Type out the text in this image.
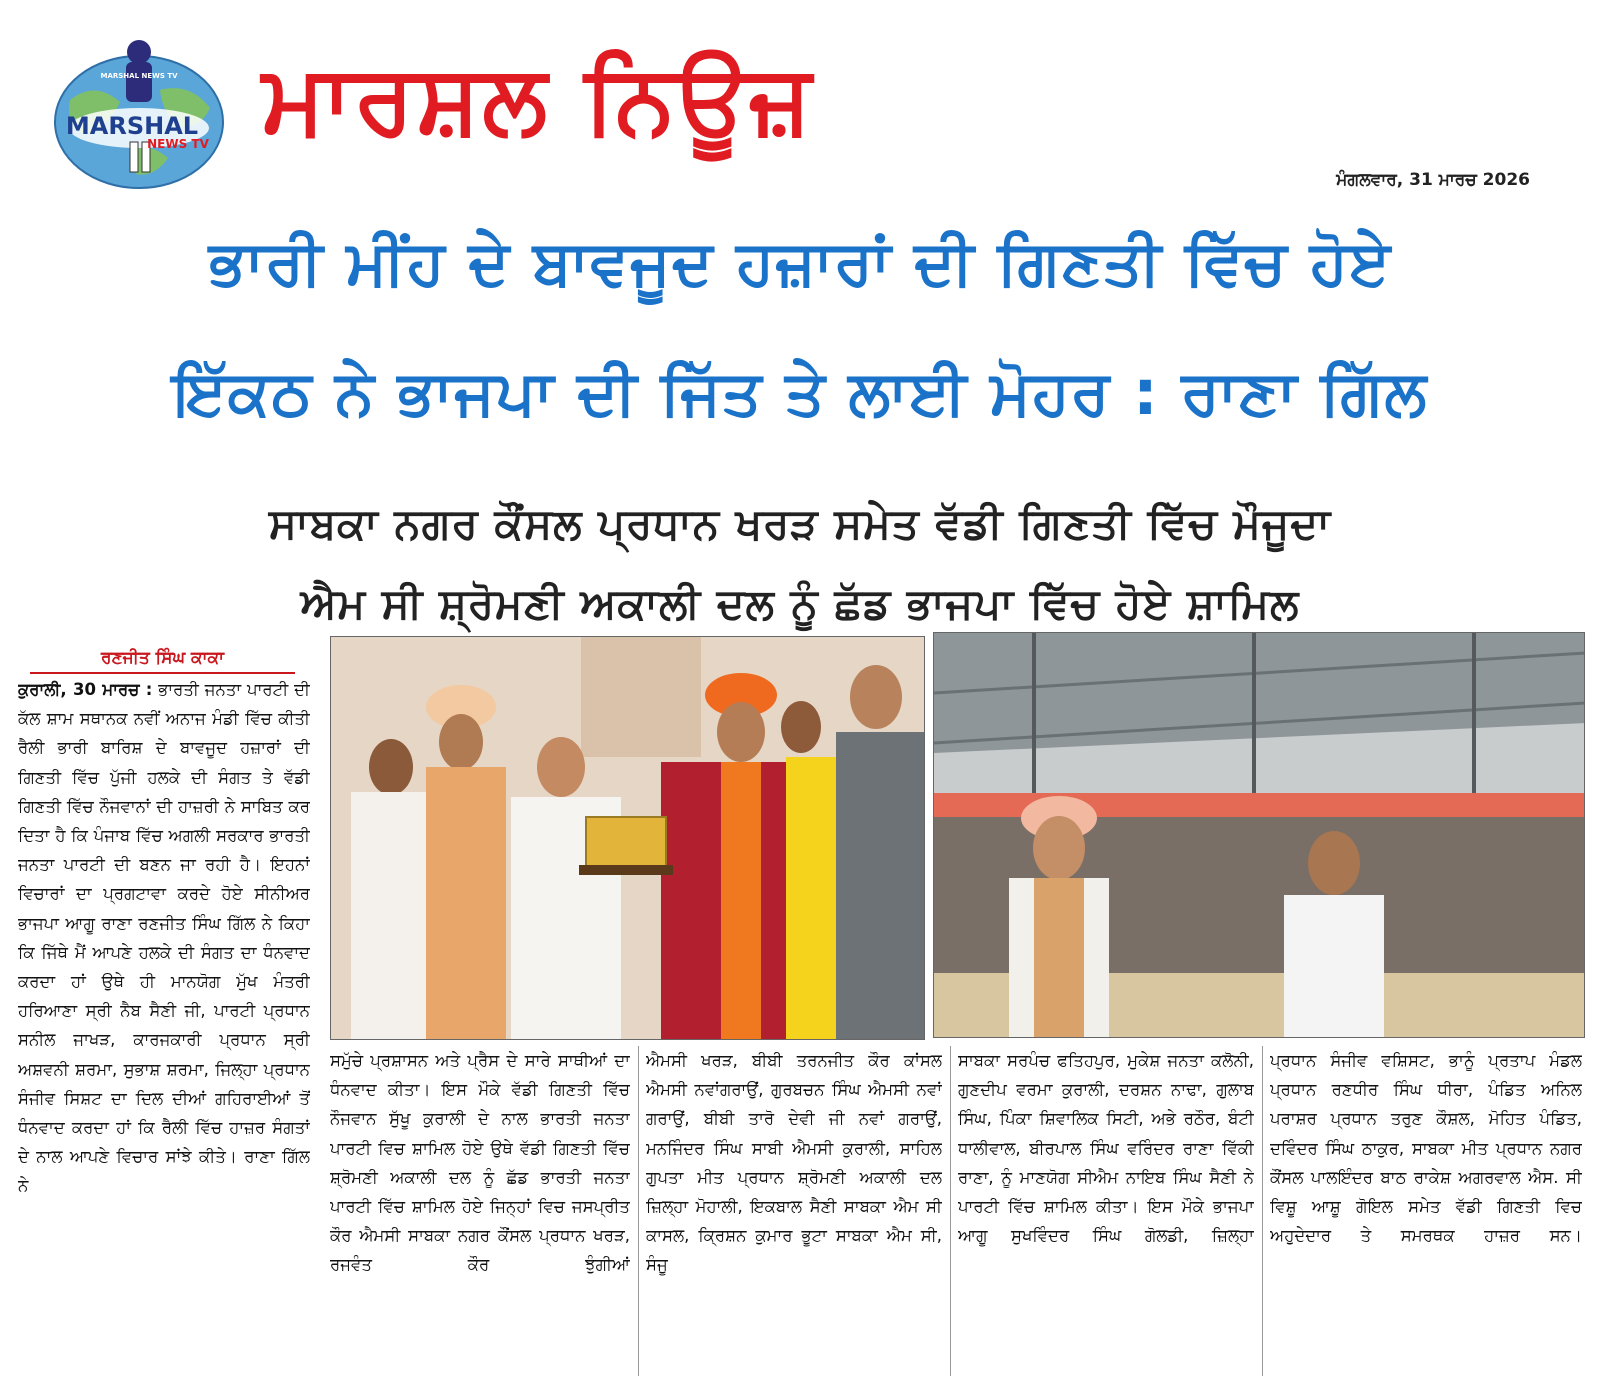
MARSHAL NEWS TV
MARSHAL
NEWS TV ਮਾਰਸ਼ਲ ਨਿਊਜ਼
ਮੰਗਲਵਾਰ, 31 ਮਾਰਚ 2026
ਭਾਰੀ ਮੀਂਹ ਦੇ ਬਾਵਜੂਦ ਹਜ਼ਾਰਾਂ ਦੀ ਗਿਣਤੀ ਵਿੱਚ ਹੋਏ
ਇੱਕਠ ਨੇ ਭਾਜਪਾ ਦੀ ਜਿੱਤ ਤੇ ਲਾਈ ਮੋਹਰ : ਰਾਣਾ ਗਿੱਲ
ਸਾਬਕਾ ਨਗਰ ਕੌਂਸਲ ਪ੍ਰਧਾਨ ਖਰੜ ਸਮੇਤ ਵੱਡੀ ਗਿਣਤੀ ਵਿੱਚ ਮੌਜੂਦਾ
ਐਮ ਸੀ ਸ਼੍ਰੋਮਣੀ ਅਕਾਲੀ ਦਲ ਨੂੰ ਛੱਡ ਭਾਜਪਾ ਵਿੱਚ ਹੋਏ ਸ਼ਾਮਿਲ
ਰਣਜੀਤ ਸਿੰਘ ਕਾਕਾ

ਕੁਰਾਲੀ, 30 ਮਾਰਚ : ਭਾਰਤੀ ਜਨਤਾ ਪਾਰਟੀ ਦੀ ਕੱਲ ਸ਼ਾਮ ਸਥਾਨਕ ਨਵੀਂ ਅਨਾਜ ਮੰਡੀ ਵਿੱਚ ਕੀਤੀ ਰੈਲੀ ਭਾਰੀ ਬਾਰਿਸ਼ ਦੇ ਬਾਵਜੂਦ ਹਜ਼ਾਰਾਂ ਦੀ ਗਿਣਤੀ ਵਿੱਚ ਪੁੱਜੀ ਹਲਕੇ ਦੀ ਸੰਗਤ ਤੇ ਵੱਡੀ ਗਿਣਤੀ ਵਿੱਚ ਨੌਜਵਾਨਾਂ ਦੀ ਹਾਜ਼ਰੀ ਨੇ ਸਾਬਿਤ ਕਰ ਦਿਤਾ ਹੈ ਕਿ ਪੰਜਾਬ ਵਿੱਚ ਅਗਲੀ ਸਰਕਾਰ ਭਾਰਤੀ ਜਨਤਾ ਪਾਰਟੀ ਦੀ ਬਣਨ ਜਾ ਰਹੀ ਹੈ। ਇਹਨਾਂ ਵਿਚਾਰਾਂ ਦਾ ਪ੍ਰਗਟਾਵਾ ਕਰਦੇ ਹੋਏ ਸੀਨੀਅਰ ਭਾਜਪਾ ਆਗੂ ਰਾਣਾ ਰਣਜੀਤ ਸਿੰਘ ਗਿੱਲ ਨੇ ਕਿਹਾ ਕਿ ਜਿੱਥੇ ਮੈਂ ਆਪਣੇ ਹਲਕੇ ਦੀ ਸੰਗਤ ਦਾ ਧੰਨਵਾਦ ਕਰਦਾ ਹਾਂ ਉਥੇ ਹੀ ਮਾਨਯੋਗ ਮੁੱਖ ਮੰਤਰੀ ਹਰਿਆਣਾ ਸ੍ਰੀ ਨੈਬ ਸੈਣੀ ਜੀ, ਪਾਰਟੀ ਪ੍ਰਧਾਨ ਸਨੀਲ ਜਾਖੜ, ਕਾਰਜਕਾਰੀ ਪ੍ਰਧਾਨ ਸ੍ਰੀ ਅਸ਼ਵਨੀ ਸ਼ਰਮਾ, ਸੁਭਾਸ਼ ਸ਼ਰਮਾ, ਜਿਲ੍ਹਾ ਪ੍ਰਧਾਨ ਸੰਜੀਵ ਸਿਸ਼ਟ ਦਾ ਦਿਲ ਦੀਆਂ ਗਹਿਰਾਈਆਂ ਤੋਂ ਧੰਨਵਾਦ ਕਰਦਾ ਹਾਂ ਕਿ ਰੈਲੀ ਵਿੱਚ ਹਾਜ਼ਰ ਸੰਗਤਾਂ ਦੇ ਨਾਲ ਆਪਣੇ ਵਿਚਾਰ ਸਾਂਝੇ ਕੀਤੇ। ਰਾਣਾ ਗਿੱਲ ਨੇ

ਸਮੁੱਚੇ ਪ੍ਰਸ਼ਾਸਨ ਅਤੇ ਪ੍ਰੈਸ ਦੇ ਸਾਰੇ ਸਾਥੀਆਂ ਦਾ ਧੰਨਵਾਦ ਕੀਤਾ। ਇਸ ਮੌਕੇ ਵੱਡੀ ਗਿਣਤੀ ਵਿੱਚ ਨੌਜਵਾਨ ਸੁੱਖੂ ਕੁਰਾਲੀ ਦੇ ਨਾਲ ਭਾਰਤੀ ਜਨਤਾ ਪਾਰਟੀ ਵਿਚ ਸ਼ਾਮਿਲ ਹੋਏ ਉਥੇ ਵੱਡੀ ਗਿਣਤੀ ਵਿੱਚ ਸ਼੍ਰੋਮਣੀ ਅਕਾਲੀ ਦਲ ਨੂੰ ਛੱਡ ਭਾਰਤੀ ਜਨਤਾ ਪਾਰਟੀ ਵਿੱਚ ਸ਼ਾਮਿਲ ਹੋਏ ਜਿਨ੍ਹਾਂ ਵਿਚ ਜਸਪ੍ਰੀਤ ਕੌਰ ਐਮਸੀ ਸਾਬਕਾ ਨਗਰ ਕੌਂਸਲ ਪ੍ਰਧਾਨ ਖਰੜ, ਰਜਵੰਤ ਕੌਰ ਝੁੰਗੀਆਂ

ਐਮਸੀ ਖਰੜ, ਬੀਬੀ ਤਰਨਜੀਤ ਕੌਰ ਕਾਂਸਲ ਐਮਸੀ ਨਵਾਂਗਰਾਉਂ, ਗੁਰਬਚਨ ਸਿੰਘ ਐਮਸੀ ਨਵਾਂ ਗਰਾਉਂ, ਬੀਬੀ ਤਾਰੋ ਦੇਵੀ ਜੀ ਨਵਾਂ ਗਰਾਉਂ, ਮਨਜਿੰਦਰ ਸਿੰਘ ਸਾਬੀ ਐਮਸੀ ਕੁਰਾਲੀ, ਸਾਹਿਲ ਗੁਪਤਾ ਮੀਤ ਪ੍ਰਧਾਨ ਸ਼੍ਰੋਮਣੀ ਅਕਾਲੀ ਦਲ ਜ਼ਿਲ੍ਹਾ ਮੋਹਾਲੀ, ਇਕਬਾਲ ਸੈਣੀ ਸਾਬਕਾ ਐਮ ਸੀ ਕਾਸਲ, ਕ੍ਰਿਸ਼ਨ ਕੁਮਾਰ ਭੂਟਾ ਸਾਬਕਾ ਐਮ ਸੀ, ਸੰਜੂ

ਸਾਬਕਾ ਸਰਪੰਚ ਫਤਿਹਪੁਰ, ਮੁਕੇਸ਼ ਜਨਤਾ ਕਲੋਨੀ, ਗੁਣਦੀਪ ਵਰਮਾ ਕੁਰਾਲੀ, ਦਰਸ਼ਨ ਨਾਢਾ, ਗੁਲਾਬ ਸਿੰਘ, ਪਿੰਕਾ ਸ਼ਿਵਾਲਿਕ ਸਿਟੀ, ਅਭੇ ਰਠੌਰ, ਬੰਟੀ ਧਾਲੀਵਾਲ, ਬੀਰਪਾਲ ਸਿੰਘ ਵਰਿੰਦਰ ਰਾਣਾ ਵਿੱਕੀ ਰਾਣਾ, ਨੂੰ ਮਾਣਯੋਗ ਸੀਐਮ ਨਾਇਬ ਸਿੰਘ ਸੈਣੀ ਨੇ ਪਾਰਟੀ ਵਿੱਚ ਸ਼ਾਮਿਲ ਕੀਤਾ। ਇਸ ਮੌਕੇ ਭਾਜਪਾ ਆਗੂ ਸੁਖਵਿੰਦਰ ਸਿੰਘ ਗੋਲਡੀ, ਜ਼ਿਲ੍ਹਾ

ਪ੍ਰਧਾਨ ਸੰਜੀਵ ਵਸ਼ਿਸਟ, ਭਾਨੂੰ ਪ੍ਰਤਾਪ ਮੰਡਲ ਪ੍ਰਧਾਨ ਰਣਧੀਰ ਸਿੰਘ ਧੀਰਾ, ਪੰਡਿਤ ਅਨਿਲ ਪਰਾਸ਼ਰ ਪ੍ਰਧਾਨ ਤਰੁਣ ਕੌਸ਼ਲ, ਮੋਹਿਤ ਪੰਡਿਤ, ਦਵਿੰਦਰ ਸਿੰਘ ਠਾਕੁਰ, ਸਾਬਕਾ ਮੀਤ ਪ੍ਰਧਾਨ ਨਗਰ ਕੌਂਸਲ ਪਾਲਇੰਦਰ ਬਾਠ ਰਾਕੇਸ਼ ਅਗਰਵਾਲ ਐਸ. ਸੀ ਵਿਸ਼ੂ ਆਸ਼ੂ ਗੋਇਲ ਸਮੇਤ ਵੱਡੀ ਗਿਣਤੀ ਵਿਚ ਅਹੁਦੇਦਾਰ ਤੇ ਸਮਰਥਕ ਹਾਜ਼ਰ ਸਨ।
